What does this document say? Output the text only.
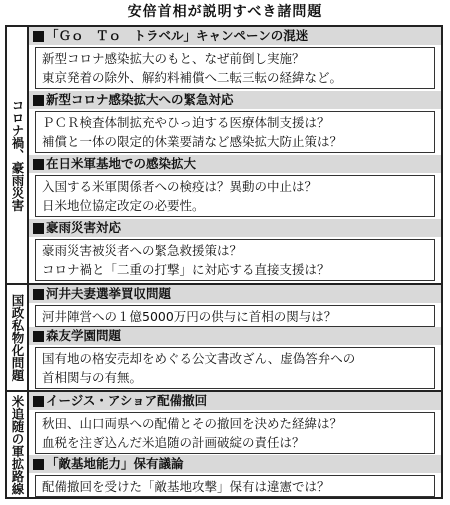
安倍首相が説明すべき諸問題
コロナ禍、豪雨災害
「Ｇｏ　Ｔｏ　トラベル」キャンペーンの混迷
新型コロナ感染拡大のもと、なぜ前倒し実施？
東京発着の除外、解約料補償へ二転三転の経緯など。
新型コロナ感染拡大への緊急対応
ＰＣＲ検査体制拡充やひっ迫する医療体制支援は？
補償と一体の限定的休業要請など感染拡大防止策は？
在日米軍基地での感染拡大
入国する米軍関係者への検疫は？異動の中止は？
日米地位協定改定の必要性。
豪雨災害対応
豪雨災害被災者への緊急救援策は？
コロナ禍と「二重の打撃」に対応する直接支援は？
国政私物化問題
河井夫妻選挙買収問題
河井陣営への１億5000万円の供与に首相の関与は？
森友学園問題
国有地の格安売却をめぐる公文書改ざん、虚偽答弁への
首相関与の有無。
米追随の軍拡路線	イージス・アショア配備撤回
秋田、山口両県への配備とその撤回を決めた経緯は？
血税を注ぎ込んだ米追随の計画破綻の責任は？
「敵基地能力」保有議論
配備撤回を受けた「敵基地攻撃」保有は違憲では？
